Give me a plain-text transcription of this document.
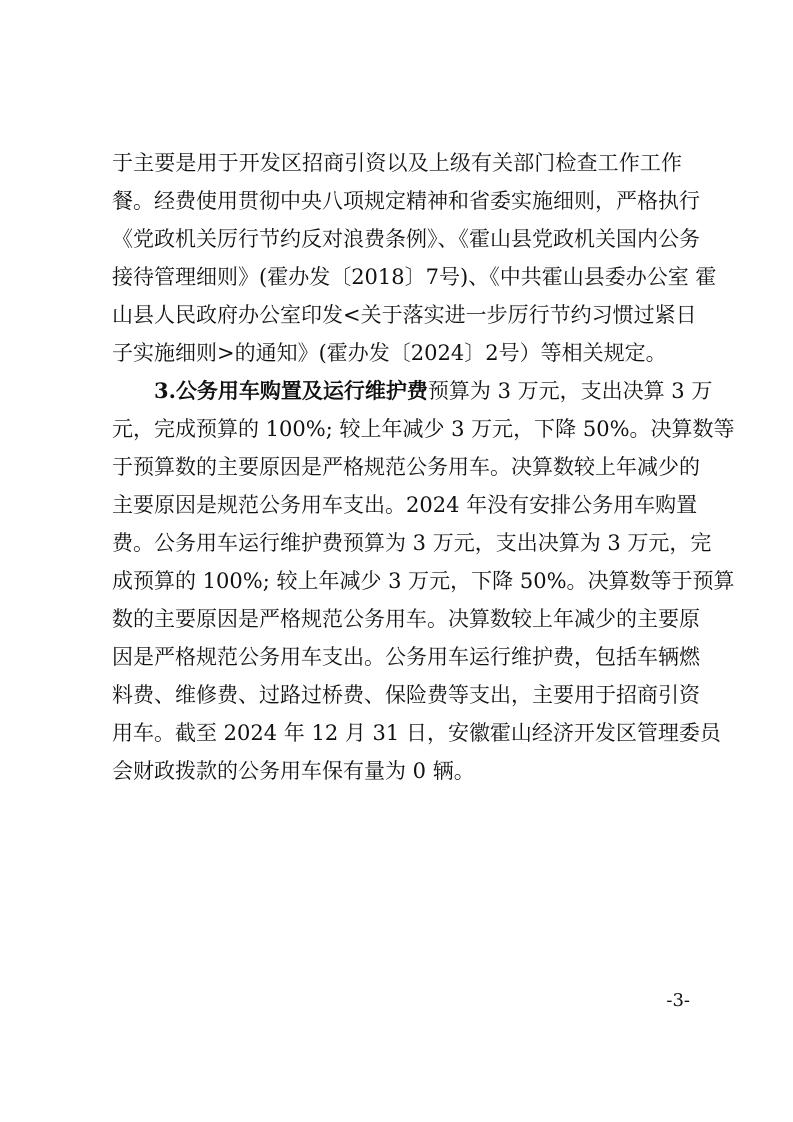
于主要是用于开发区招商引资以及上级有关部门检查工作工作
餐。经费使用贯彻中央八项规定精神和省委实施细则，严格执行
《党政机关厉行节约反对浪费条例》、《霍山县党政机关国内公务
接待管理细则》(霍办发〔2018〕7号)、《中共霍山县委办公室 霍
山县人民政府办公室印发<关于落实进一步厉行节约习惯过紧日
子实施细则>的通知》(霍办发〔2024〕2号）等相关规定。
3.公务用车购置及运行维护费 预算为 3 万元，支出决算 3 万
元，完成预算的 100%; 较上年减少 3 万元，下降 50%。决算数等
于预算数的主要原因是严格规范公务用车。决算数较上年减少的
主要原因是规范公务用车支出。2024 年没有安排公务用车购置
费。公务用车运行维护费预算为 3 万元，支出决算为 3 万元，完
成预算的 100%; 较上年减少 3 万元，下降 50%。决算数等于预算
数的主要原因是严格规范公务用车。决算数较上年减少的主要原
因是严格规范公务用车支出。公务用车运行维护费，包括车辆燃
料费、维修费、过路过桥费、保险费等支出，主要用于招商引资
用车。截至 2024 年 12 月 31 日，安徽霍山经济开发区管理委员
会财政拨款的公务用车保有量为 0 辆。
-3-
